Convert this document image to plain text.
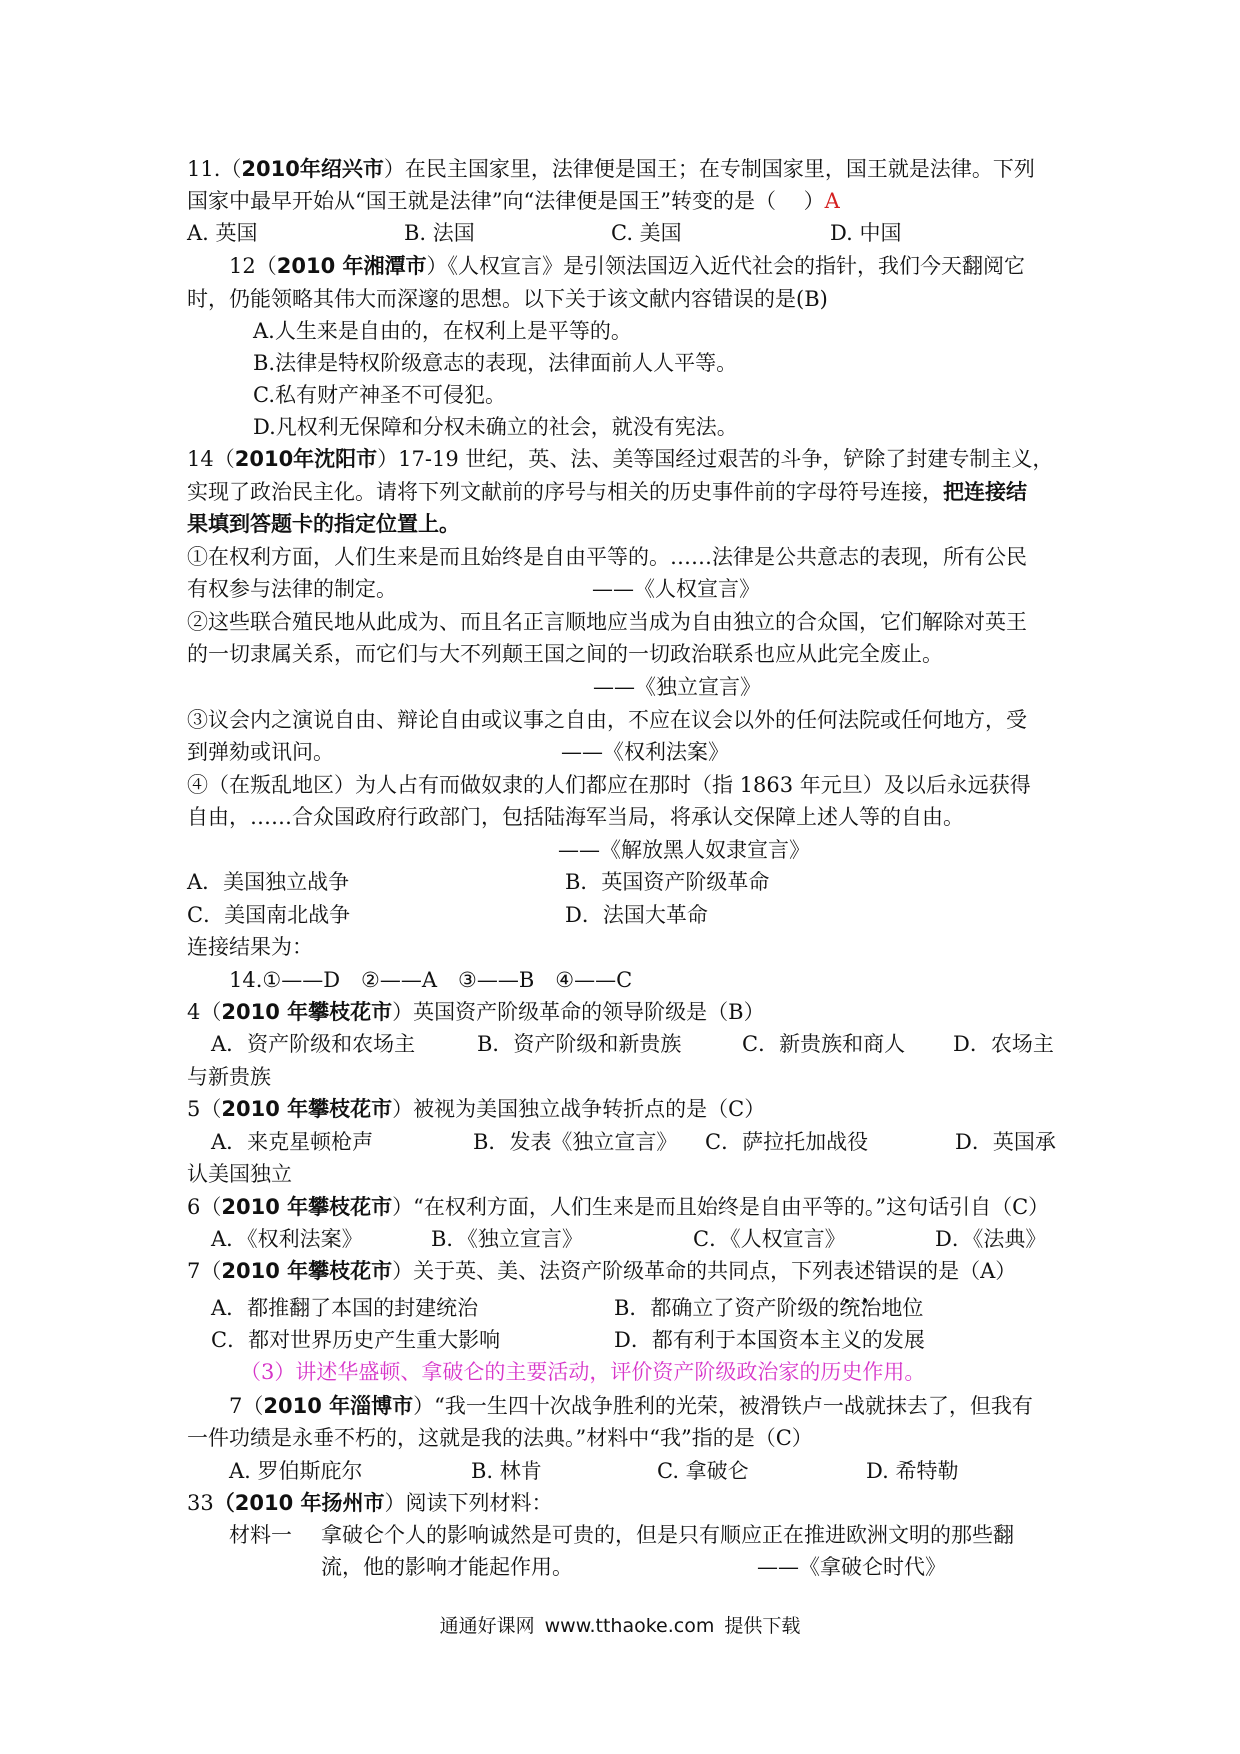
11.（2010年绍兴市）在民主国家里，法律便是国王；在专制国家里，国王就是法律。下列
国家中最早开始从“国王就是法律”向“法律便是国王”转变的是（　 ）A
A. 英国	B. 法国	C. 美国	D. 中国
12（2010 年湘潭市）《人权宣言》是引领法国迈入近代社会的指针，我们今天翻阅它
时，仍能领略其伟大而深邃的思想。以下关于该文献内容错误的是(B)
A.人生来是自由的，在权利上是平等的。
B.法律是特权阶级意志的表现，法律面前人人平等。
C.私有财产神圣不可侵犯。
D.凡权利无保障和分权未确立的社会，就没有宪法。
14（2010年沈阳市）17-19 世纪，英、法、美等国经过艰苦的斗争，铲除了封建专制主义，
实现了政治民主化。请将下列文献前的序号与相关的历史事件前的字母符号连接，把连接结
果填到答题卡的指定位置上。
①在权利方面，人们生来是而且始终是自由平等的。……法律是公共意志的表现，所有公民
有权参与法律的制定。	——《人权宣言》
②这些联合殖民地从此成为、而且名正言顺地应当成为自由独立的合众国，它们解除对英王
的一切隶属关系，而它们与大不列颠王国之间的一切政治联系也应从此完全废止。
——《独立宣言》
③议会内之演说自由、辩论自由或议事之自由，不应在议会以外的任何法院或任何地方，受
到弹劾或讯问。	——《权利法案》
④（在叛乱地区）为人占有而做奴隶的人们都应在那时（指 1863 年元旦）及以后永远获得
自由，……合众国政府行政部门，包括陆海军当局，将承认交保障上述人等的自由。
——《解放黑人奴隶宣言》
A．美国独立战争	B．英国资产阶级革命
C．美国南北战争	D．法国大革命
连接结果为：
14.①——D　②——A　③——B　④——C
4（2010 年攀枝花市）英国资产阶级革命的领导阶级是（B）
A．资产阶级和农场主	B．资产阶级和新贵族	C．新贵族和商人 D．农场主
与新贵族
5（2010 年攀枝花市）被视为美国独立战争转折点的是（C）
A．来克星顿枪声	B．发表《独立宣言》 C．萨拉托加战役	D．英国承
认美国独立
6（2010 年攀枝花市）“在权利方面，人们生来是而且始终是自由平等的。”这句话引自（C）
A．《权利法案》	B．《独立宣言》	C．《人权宣言》	D．《法典》
7（2010 年攀枝花市）关于英、美、法资产阶级革命的共同点，下列表述错误的是（A）
A．都推翻了本国的封建统治	B．都确立了资产阶级的统治地位
C．都对世界历史产生重大影响	D．都有利于本国资本主义的发展
（3）讲述华盛顿、拿破仑的主要活动，评价资产阶级政治家的历史作用。
7（2010 年淄博市）“我一生四十次战争胜利的光荣，被滑铁卢一战就抹去了，但我有
一件功绩是永垂不朽的，这就是我的法典。”材料中“我”指的是（C）
A. 罗伯斯庇尔	B. 林肯	C. 拿破仑	D. 希特勒
33（2010 年扬州市）阅读下列材料：
材料一 拿破仑个人的影响诚然是可贵的，但是只有顺应正在推进欧洲文明的那些翻
流，他的影响才能起作用。	——《拿破仑时代》
通通好课网 www.tthaoke.com 提供下载
